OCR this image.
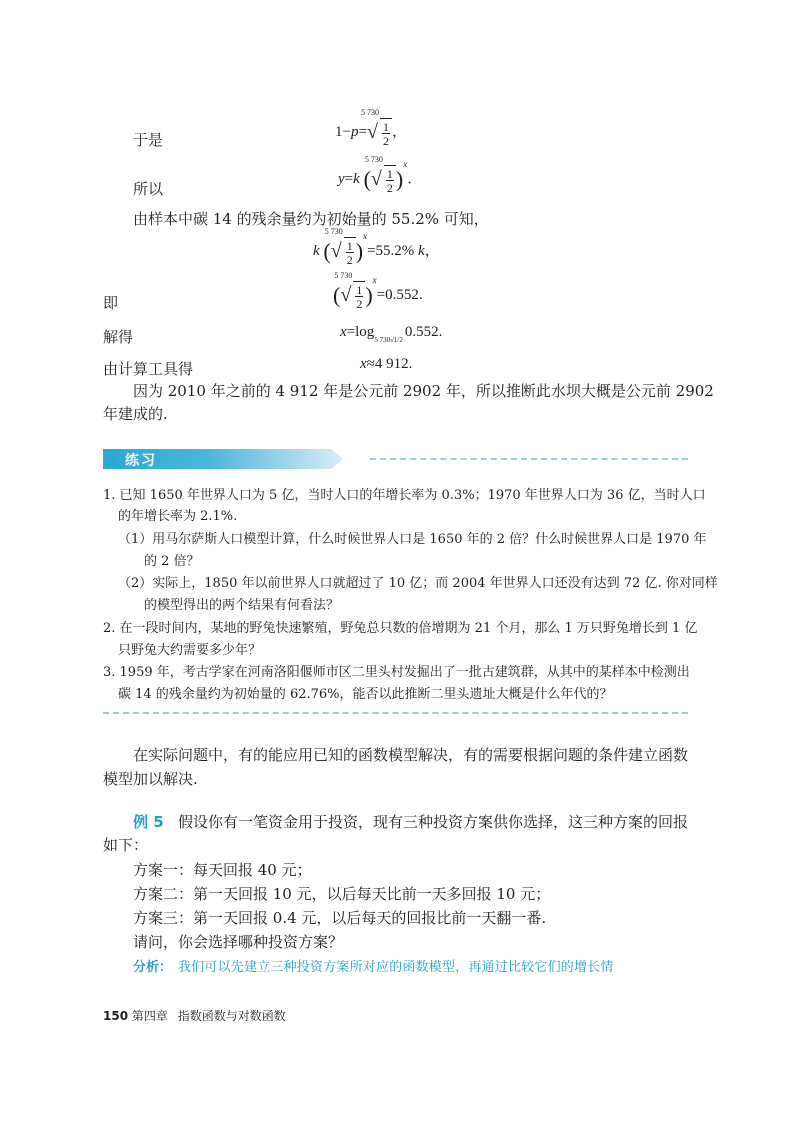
于是	1−p=
5 730
√ $\frac{1}{2}$ ，
所以
y=k (
5 730
√ $\frac{1}{2} )^x$．
由样本中碳 14 的残余量约为初始量的 55.2% 可知，
k (
5 730
√ $\frac{1}{2} )^x=55.2\%$ k，
即	(
5 730
√ $\frac{1}{2} )^x=0.552$.
解得	x=log5 730√1/2 0.552.
由计算工具得	x≈4 912.
因为 2010 年之前的 4 912 年是公元前 2902 年，所以推断此水坝大概是公元前 2902
年建成的.
练习
1. 已知 1650 年世界人口为 5 亿，当时人口的年增长率为 0.3%；1970 年世界人口为 36 亿，当时人口
的年增长率为 2.1%.
（1）用马尔萨斯人口模型计算，什么时候世界人口是 1650 年的 2 倍？什么时候世界人口是 1970 年
的 2 倍？
（2）实际上，1850 年以前世界人口就超过了 10 亿；而 2004 年世界人口还没有达到 72 亿. 你对同样
的模型得出的两个结果有何看法？
2. 在一段时间内，某地的野兔快速繁殖，野兔总只数的倍增期为 21 个月，那么 1 万只野兔增长到 1 亿
只野兔大约需要多少年？
3. 1959 年，考古学家在河南洛阳偃师市区二里头村发掘出了一批古建筑群，从其中的某样本中检测出
碳 14 的残余量约为初始量的 62.76%，能否以此推断二里头遗址大概是什么年代的？
在实际问题中，有的能应用已知的函数模型解决，有的需要根据问题的条件建立函数
模型加以解决.
例 5 假设你有一笔资金用于投资，现有三种投资方案供你选择，这三种方案的回报
如下：
方案一：每天回报 40 元；
方案二：第一天回报 10 元，以后每天比前一天多回报 10 元；
方案三：第一天回报 0.4 元，以后每天的回报比前一天翻一番.
请问，你会选择哪种投资方案？
分析： 我们可以先建立三种投资方案所对应的函数模型，再通过比较它们的增长情
150 第四章 指数函数与对数函数
